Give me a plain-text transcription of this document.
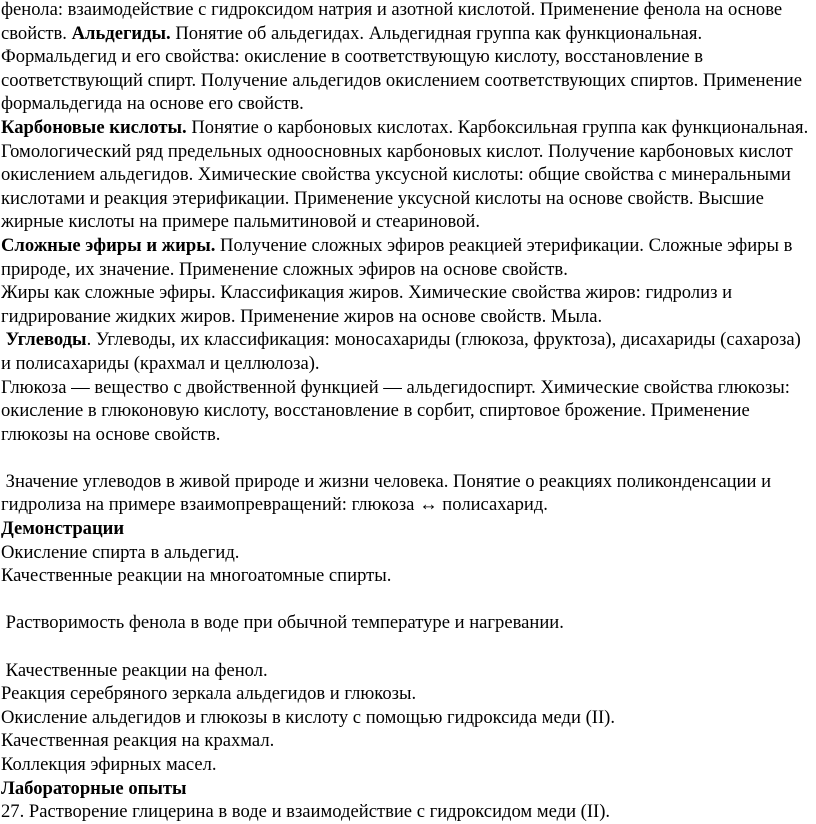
фенола: взаимодействие с гидроксидом натрия и азотной кислотой. Применение фенола на основе свойств. Альдегиды. Понятие об альдегидах. Альдегидная группа как функциональная. Формальдегид и его свойства: окисление в соответствующую кислоту, восстановление в соответствующий спирт. Получение альдегидов окислением соответствующих спиртов. Применение формальдегида на основе его свойств.

Карбоновые кислоты. Понятие о карбоновых кислотах. Карбоксильная группа как функциональная. Гомологический ряд предельных одноосновных карбоновых кислот. Получение карбоновых кислот окислением альдегидов. Химические свойства уксусной кислоты: общие свойства с минеральными кислотами и реакция этерификации. Применение уксусной кислоты на основе свойств. Высшие жирные кислоты на примере пальмитиновой и стеариновой.

Сложные эфиры и жиры. Получение сложных эфиров реакцией этерификации. Сложные эфиры в природе, их значение. Применение сложных эфиров на основе свойств.

Жиры как сложные эфиры. Классификация жиров. Химические свойства жиров: гидролиз и гидрирование жидких жиров. Применение жиров на основе свойств. Мыла.

Углеводы. Углеводы, их классификация: моносахариды (глюкоза, фруктоза), дисахариды (сахароза) и полисахариды (крахмал и целлюлоза).

Глюкоза — вещество с двойственной функцией — альдегидоспирт. Химические свойства глюкозы: окисление в глюконовую кислоту, восстановление в сорбит, спиртовое брожение. Применение глюкозы на основе свойств.

Значение углеводов в живой природе и жизни человека. Понятие о реакциях поликонденсации и гидролиза на примере взаимопревращений: глюкоза ↔ полисахарид.

Демонстрации

Окисление спирта в альдегид.

Качественные реакции на многоатомные спирты.

Растворимость фенола в воде при обычной температуре и нагревании.

Качественные реакции на фенол.

Реакция серебряного зеркала альдегидов и глюкозы.

Окисление альдегидов и глюкозы в кислоту с помощью гидроксида меди (II).

Качественная реакция на крахмал.

Коллекция эфирных масел.

Лабораторные опыты

27. Растворение глицерина в воде и взаимодействие с гидроксидом меди (II).
